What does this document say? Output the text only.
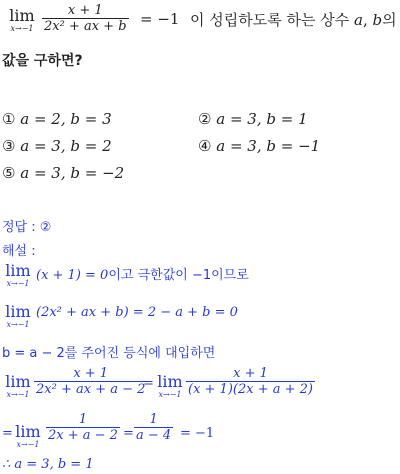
lim
x→−1
x + 1
2x² + ax + b = −1 이 성립하도록 하는 상수 a, b의
값을 구하면?
① a = 2, b = 3	② a = 3, b = 1
③ a = 3, b = 2	④ a = 3, b = −1
⑤ a = 3, b = −2
정답 : ②
해설 :
lim
x→−1
(x + 1) = 0이고 극한값이 −1이므로
lim
x→−1
(2x² + ax + b) = 2 − a + b = 0
b = a − 2를 주어진 등식에 대입하면
lim
x→−1
x + 1
2x² + ax + a − 2
= lim
x→−1
x + 1
(x + 1)(2x + a + 2)
= lim
x→−1
1
2x + a − 2 =
1
a − 4 = −1
∴ a = 3, b = 1
